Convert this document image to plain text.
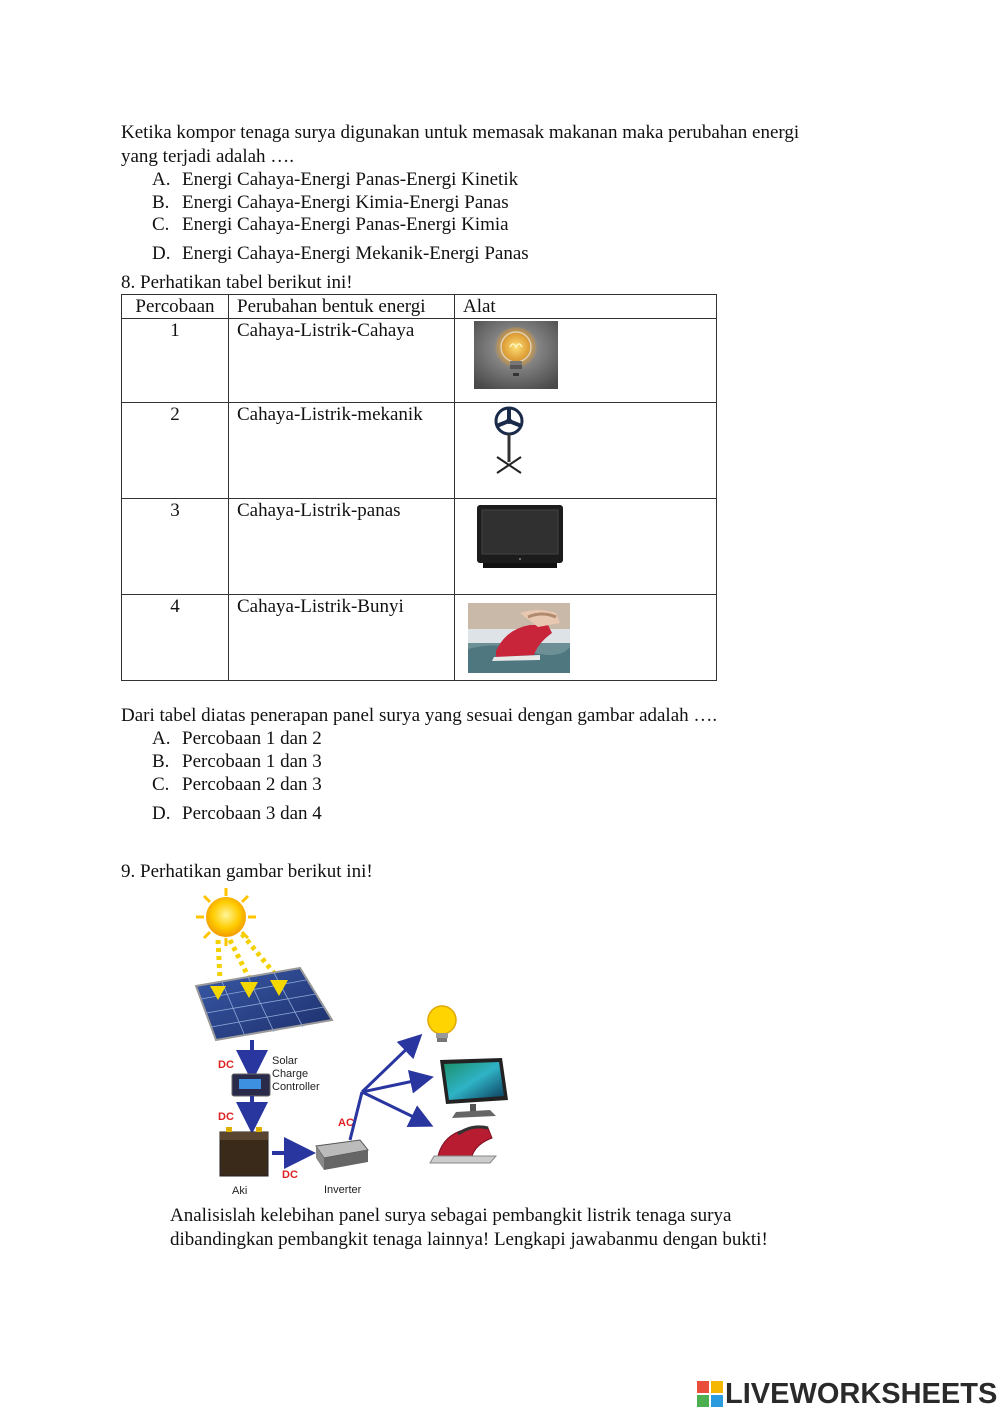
Ketika kompor tenaga surya digunakan untuk memasak makanan maka perubahan energi
yang terjadi adalah ….
A. Energi Cahaya-Energi Panas-Energi Kinetik
B. Energi Cahaya-Energi Kimia-Energi Panas
C. Energi Cahaya-Energi Panas-Energi Kimia
D. Energi Cahaya-Energi Mekanik-Energi Panas
8. Perhatikan tabel berikut ini!
Percobaan	Perubahan bentuk energi	Alat
1	Cahaya-Listrik-Cahaya	

2	Cahaya-Listrik-mekanik	

3	Cahaya-Listrik-panas	

4	Cahaya-Listrik-Bunyi	
Dari tabel diatas penerapan panel surya yang sesuai dengan gambar adalah ….
A. Percobaan 1 dan 2
B. Percobaan 1 dan 3
C. Percobaan 2 dan 3
D. Percobaan 3 dan 4
9. Perhatikan gambar berikut ini!
DC	Solar
Charge
Controller
DC
Aki
DC
Inverter
AC
Analisislah kelebihan panel surya sebagai pembangkit listrik tenaga surya
dibandingkan pembangkit tenaga lainnya! Lengkapi jawabanmu dengan bukti!
LIVEWORKSHEETS
